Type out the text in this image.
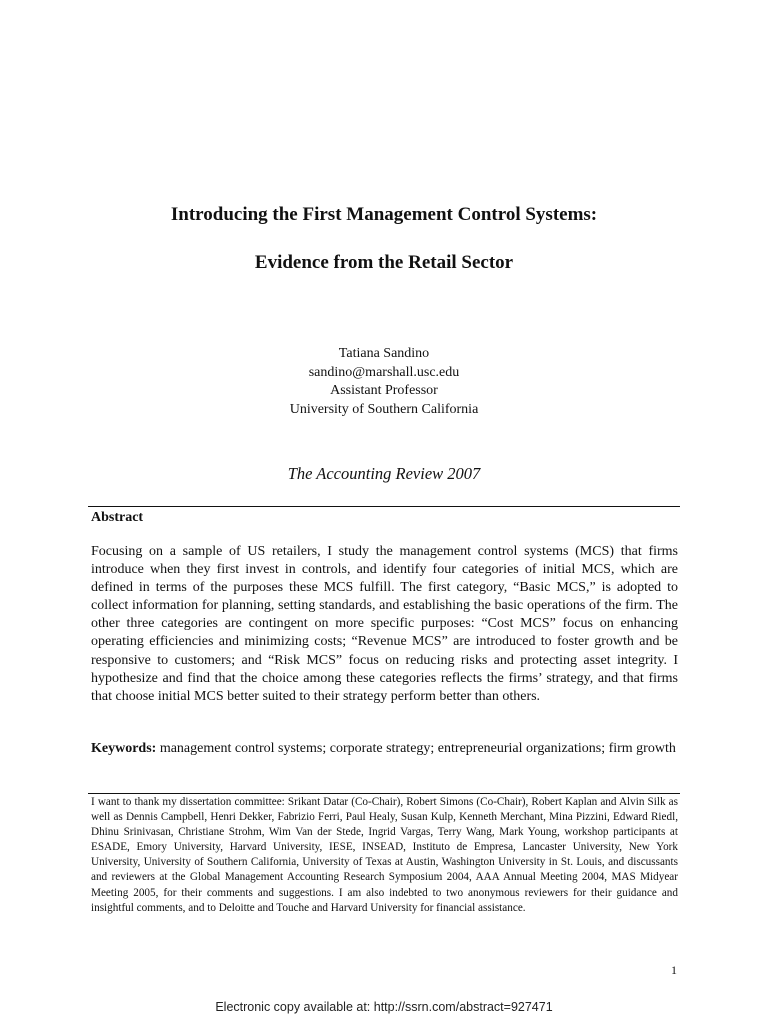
Introducing the First Management Control Systems:
Evidence from the Retail Sector
Tatiana Sandino
sandino@marshall.usc.edu
Assistant Professor
University of Southern California
The Accounting Review 2007
Abstract

Focusing on a sample of US retailers, I study the management control systems (MCS) that firms introduce when they first invest in controls, and identify four categories of initial MCS, which are defined in terms of the purposes these MCS fulfill. The first category, “Basic MCS,” is adopted to collect information for planning, setting standards, and establishing the basic operations of the firm. The other three categories are contingent on more specific purposes: “Cost MCS” focus on enhancing operating efficiencies and minimizing costs; “Revenue MCS” are introduced to foster growth and be responsive to customers; and “Risk MCS” focus on reducing risks and protecting asset integrity. I hypothesize and find that the choice among these categories reflects the firms’ strategy, and that firms that choose initial MCS better suited to their strategy perform better than others.

Keywords: management control systems; corporate strategy; entrepreneurial organizations; firm growth

I want to thank my dissertation committee: Srikant Datar (Co-Chair), Robert Simons (Co-Chair), Robert Kaplan and Alvin Silk as well as Dennis Campbell, Henri Dekker, Fabrizio Ferri, Paul Healy, Susan Kulp, Kenneth Merchant, Mina Pizzini, Edward Riedl, Dhinu Srinivasan, Christiane Strohm, Wim Van der Stede, Ingrid Vargas, Terry Wang, Mark Young, workshop participants at ESADE, Emory University, Harvard University, IESE, INSEAD, Instituto de Empresa, Lancaster University, New York University, University of Southern California, University of Texas at Austin, Washington University in St. Louis, and discussants and reviewers at the Global Management Accounting Research Symposium 2004, AAA Annual Meeting 2004, MAS Midyear Meeting 2005, for their comments and suggestions. I am also indebted to two anonymous reviewers for their guidance and insightful comments, and to Deloitte and Touche and Harvard University for financial assistance.

1
Electronic copy available at: http://ssrn.com/abstract=927471
